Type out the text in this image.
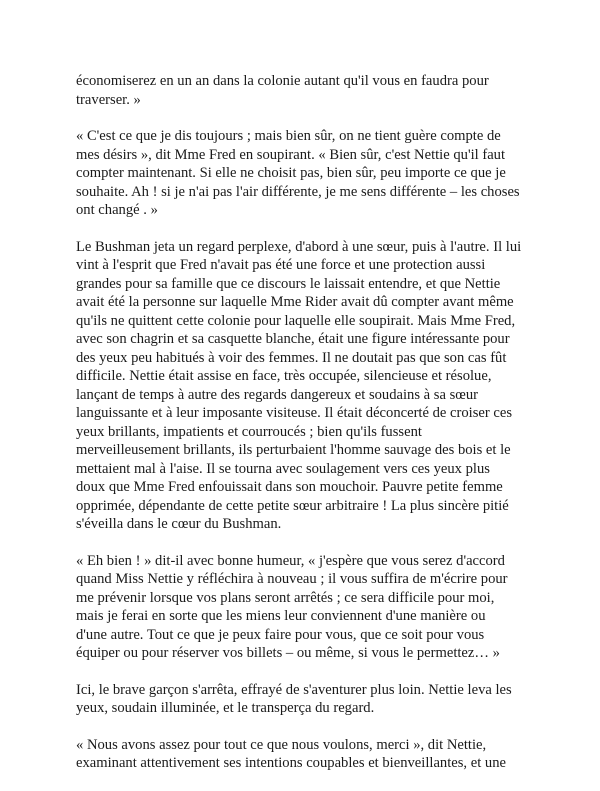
économiserez en un an dans la colonie autant qu'il vous en faudra pour
traverser. »

« C'est ce que je dis toujours ; mais bien sûr, on ne tient guère compte de
mes désirs », dit Mme Fred en soupirant. « Bien sûr, c'est Nettie qu'il faut
compter maintenant. Si elle ne choisit pas, bien sûr, peu importe ce que je
souhaite. Ah ! si je n'ai pas l'air différente, je me sens différente – les choses
ont changé . »

Le Bushman jeta un regard perplexe, d'abord à une sœur, puis à l'autre. Il lui
vint à l'esprit que Fred n'avait pas été une force et une protection aussi
grandes pour sa famille que ce discours le laissait entendre, et que Nettie
avait été la personne sur laquelle Mme Rider avait dû compter avant même
qu'ils ne quittent cette colonie pour laquelle elle soupirait. Mais Mme Fred,
avec son chagrin et sa casquette blanche, était une figure intéressante pour
des yeux peu habitués à voir des femmes. Il ne doutait pas que son cas fût
difficile. Nettie était assise en face, très occupée, silencieuse et résolue,
lançant de temps à autre des regards dangereux et soudains à sa sœur
languissante et à leur imposante visiteuse. Il était déconcerté de croiser ces
yeux brillants, impatients et courroucés ; bien qu'ils fussent
merveilleusement brillants, ils perturbaient l'homme sauvage des bois et le
mettaient mal à l'aise. Il se tourna avec soulagement vers ces yeux plus
doux que Mme Fred enfouissait dans son mouchoir. Pauvre petite femme
opprimée, dépendante de cette petite sœur arbitraire ! La plus sincère pitié
s'éveilla dans le cœur du Bushman.

« Eh bien ! » dit-il avec bonne humeur, « j'espère que vous serez d'accord
quand Miss Nettie y réfléchira à nouveau ; il vous suffira de m'écrire pour
me prévenir lorsque vos plans seront arrêtés ; ce sera difficile pour moi,
mais je ferai en sorte que les miens leur conviennent d'une manière ou
d'une autre. Tout ce que je peux faire pour vous, que ce soit pour vous
équiper ou pour réserver vos billets – ou même, si vous le permettez… »

Ici, le brave garçon s'arrêta, effrayé de s'aventurer plus loin. Nettie leva les
yeux, soudain illuminée, et le transperça du regard.

« Nous avons assez pour tout ce que nous voulons, merci », dit Nettie,
examinant attentivement ses intentions coupables et bienveillantes, et une
